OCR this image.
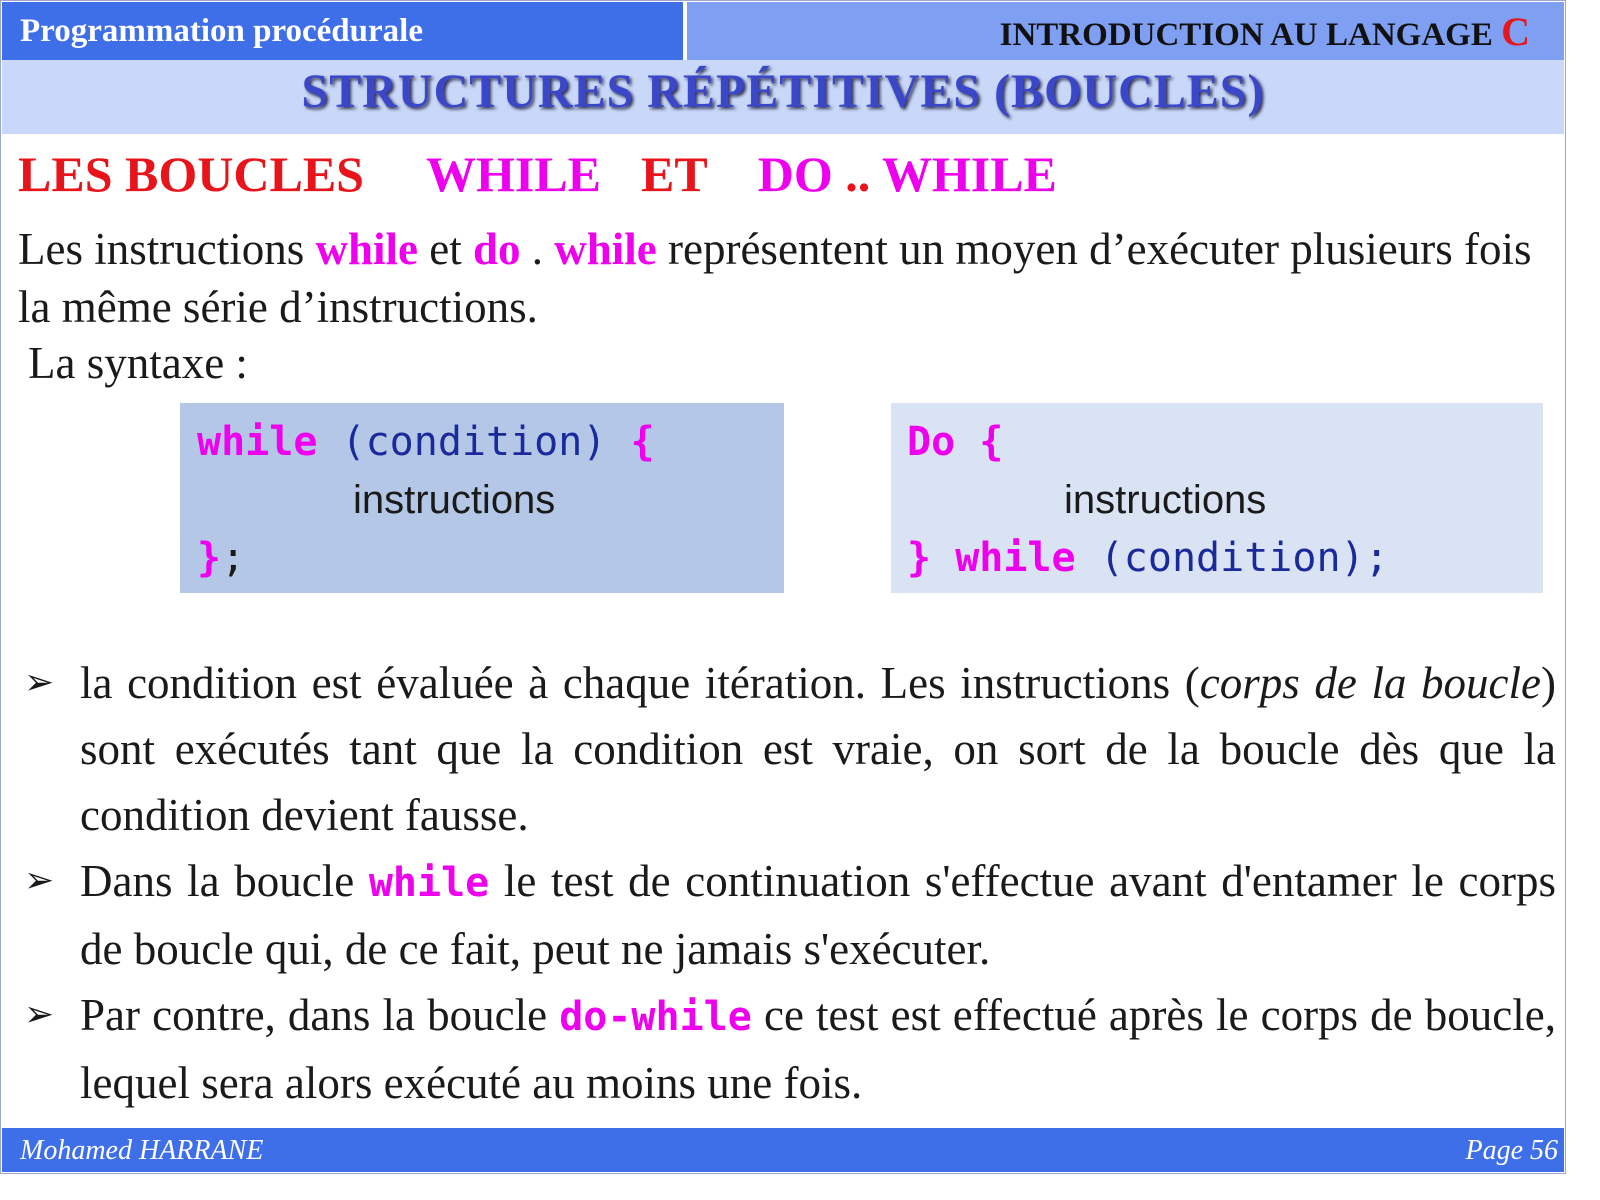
Programmation procédurale	INTRODUCTION AU LANGAGE C
STRUCTURES RÉPÉTITIVES (BOUCLES)
LES BOUCLES WHILE ET DO .. WHILE
Les instructions while et do . while représentent un moyen d’exécuter plusieurs fois la même série d’instructions.
La syntaxe :
while (condition) {
instructions
};
Do {
instructions
} while (condition);
➢ la condition est évaluée à chaque itération. Les instructions (corps de la boucle) sont exécutés tant que la condition est vraie, on sort de la boucle dès que la condition devient fausse.
➢ Dans la boucle while le test de continuation s'effectue avant d'entamer le corps de boucle qui, de ce fait, peut ne jamais s'exécuter.
➢ Par contre, dans la boucle do-while ce test est effectué après le corps de boucle, lequel sera alors exécuté au moins une fois.
Mohamed HARRANE	Page 56
